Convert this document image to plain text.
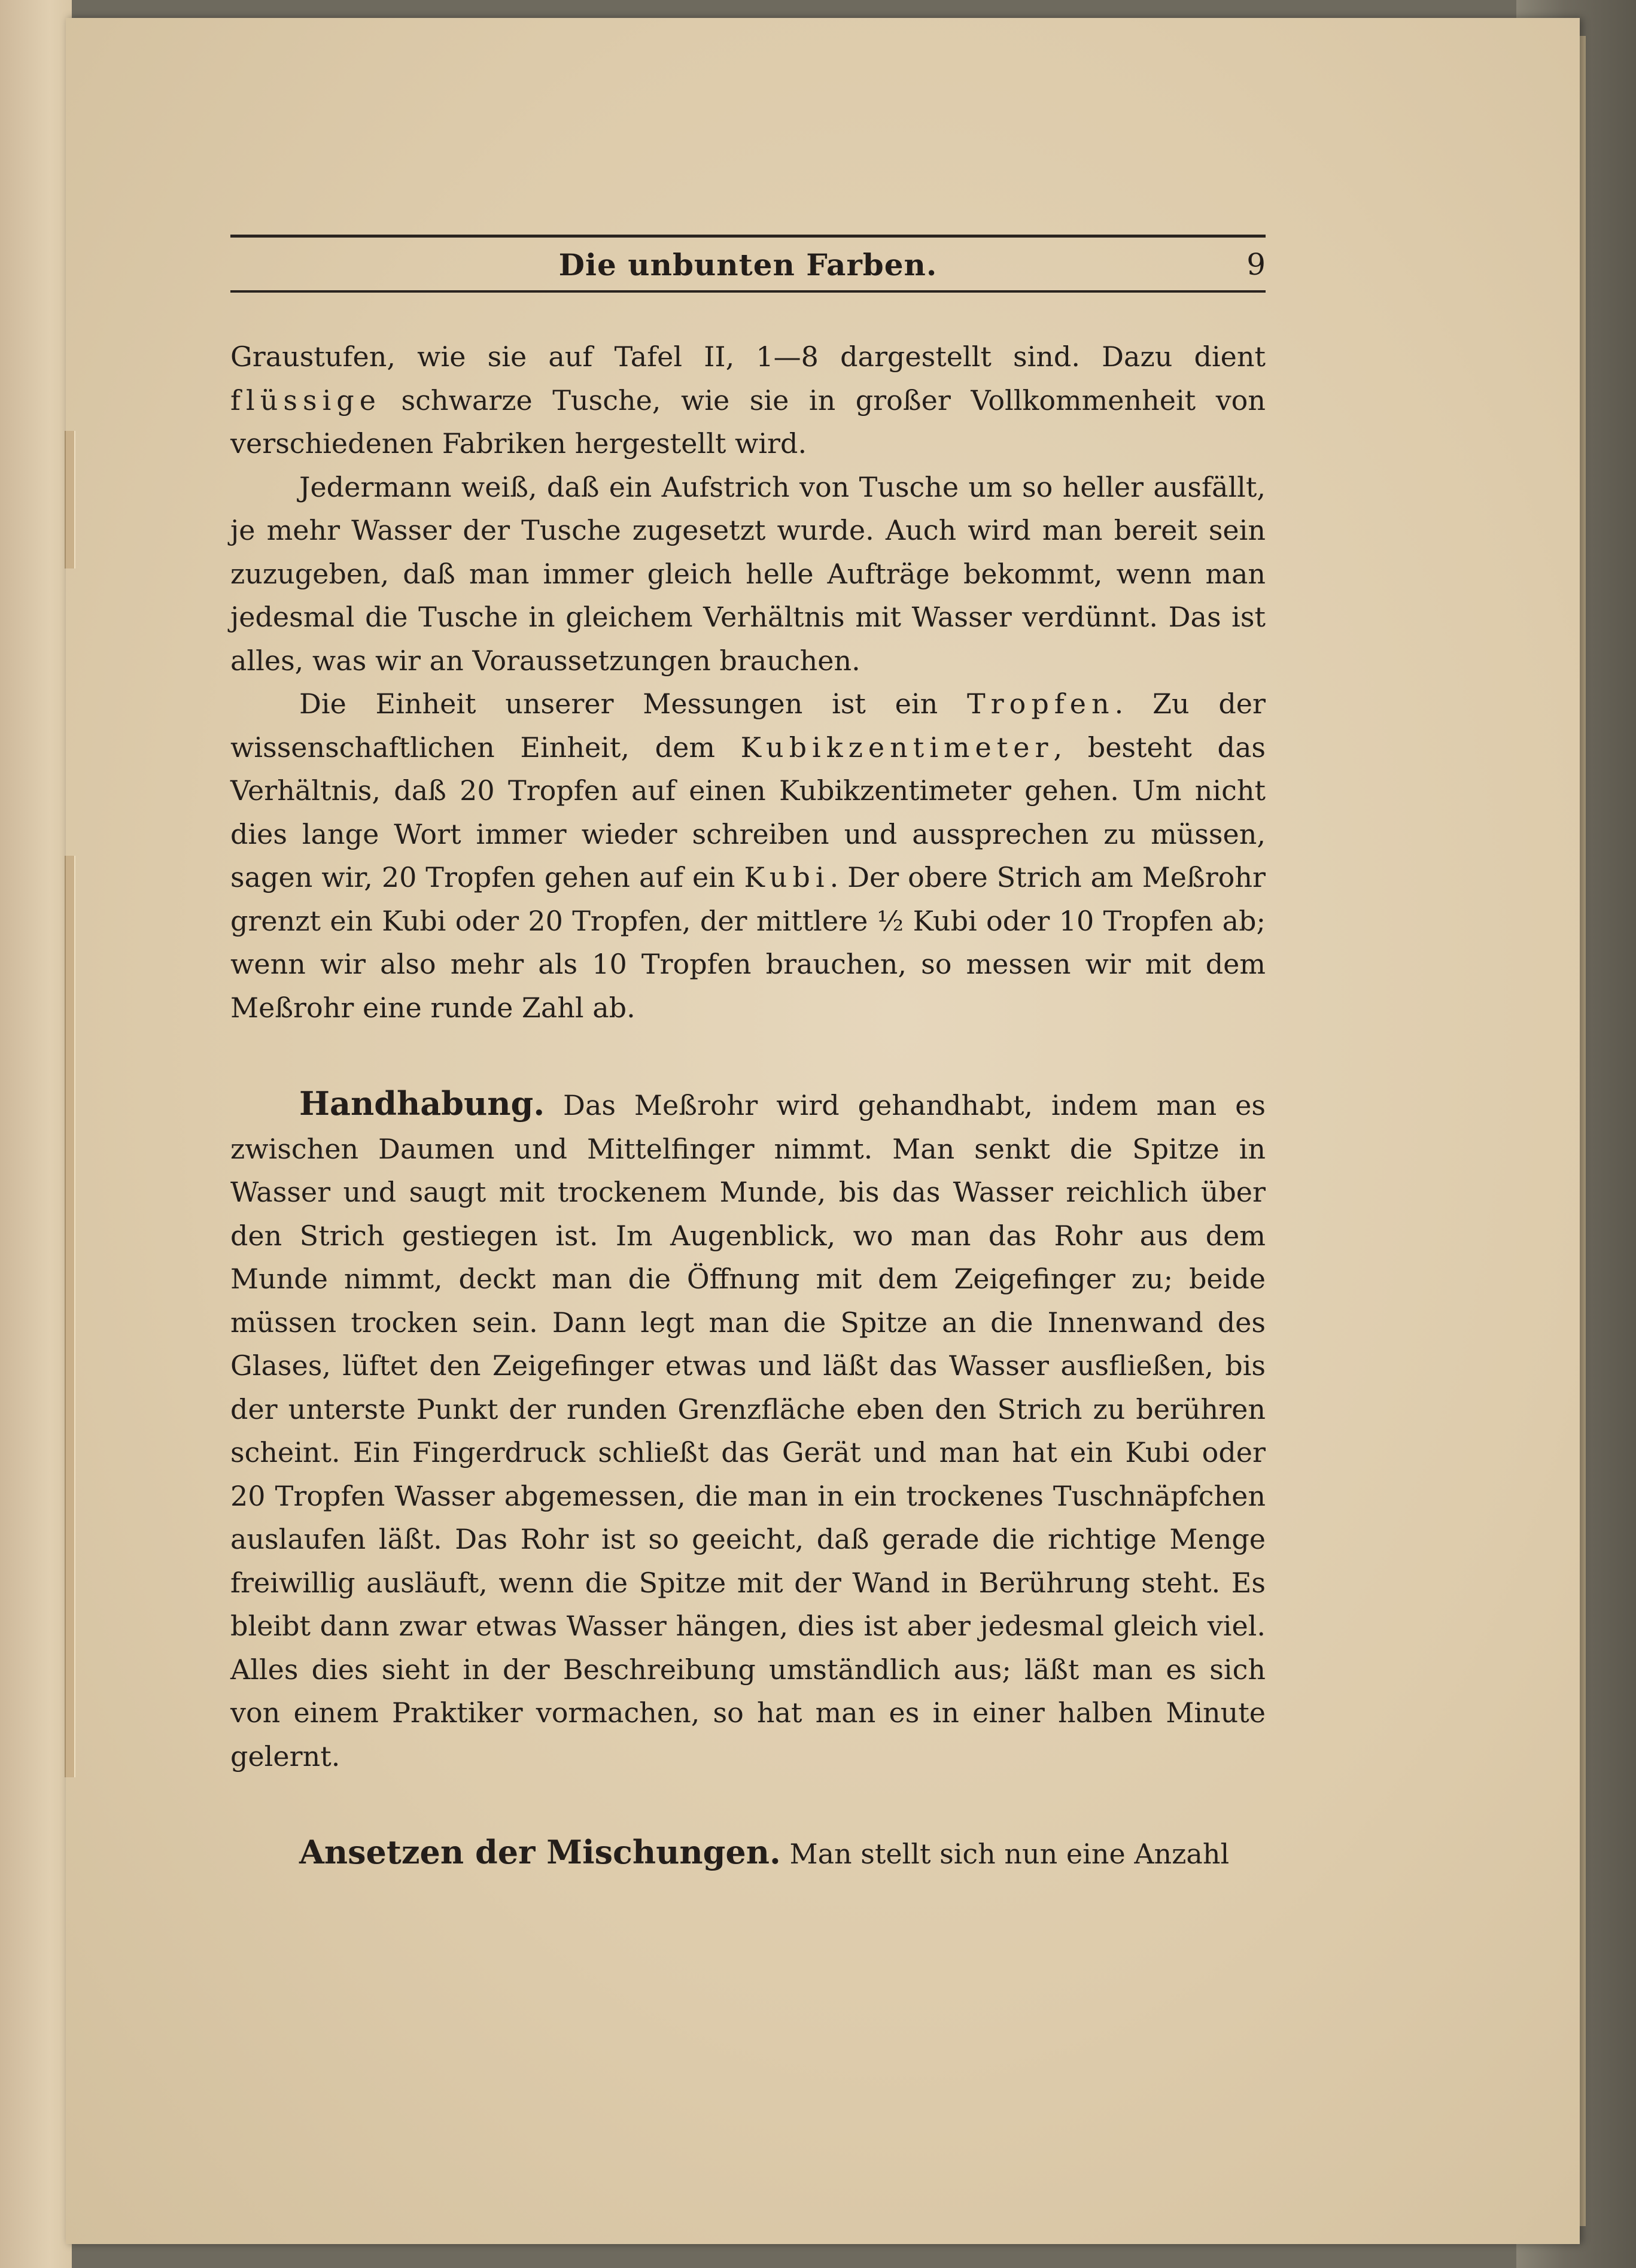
Die unbunten Farben.	9

Graustufen, wie sie auf Tafel II, 1—8 dargestellt sind. Dazu dient flüssige schwarze Tusche, wie sie in großer Vollkommenheit von verschiedenen Fabriken hergestellt wird.

Jedermann weiß, daß ein Aufstrich von Tusche um so heller ausfällt, je mehr Wasser der Tusche zugesetzt wurde. Auch wird man bereit sein zuzugeben, daß man immer gleich helle Aufträge bekommt, wenn man jedesmal die Tusche in gleichem Verhältnis mit Wasser verdünnt. Das ist alles, was wir an Voraussetzungen brauchen.

Die Einheit unserer Messungen ist ein Tropfen. Zu der wissenschaftlichen Einheit, dem Kubikzentimeter, besteht das Verhältnis, daß 20 Tropfen auf einen Kubikzentimeter gehen. Um nicht dies lange Wort immer wieder schreiben und aussprechen zu müssen, sagen wir, 20 Tropfen gehen auf ein Kubi. Der obere Strich am Meßrohr grenzt ein Kubi oder 20 Tropfen, der mittlere ½ Kubi oder 10 Tropfen ab; wenn wir also mehr als 10 Tropfen brauchen, so messen wir mit dem Meßrohr eine runde Zahl ab.

Handhabung. Das Meßrohr wird gehandhabt, indem man es zwischen Daumen und Mittelfinger nimmt. Man senkt die Spitze in Wasser und saugt mit trockenem Munde, bis das Wasser reichlich über den Strich gestiegen ist. Im Augenblick, wo man das Rohr aus dem Munde nimmt, deckt man die Öffnung mit dem Zeigefinger zu; beide müssen trocken sein. Dann legt man die Spitze an die Innenwand des Glases, lüftet den Zeigefinger etwas und läßt das Wasser ausfließen, bis der unterste Punkt der runden Grenzfläche eben den Strich zu berühren scheint. Ein Fingerdruck schließt das Gerät und man hat ein Kubi oder 20 Tropfen Wasser abgemessen, die man in ein trockenes Tuschnäpfchen auslaufen läßt. Das Rohr ist so geeicht, daß gerade die richtige Menge freiwillig ausläuft, wenn die Spitze mit der Wand in Berührung steht. Es bleibt dann zwar etwas Wasser hängen, dies ist aber jedesmal gleich viel. Alles dies sieht in der Beschreibung umständlich aus; läßt man es sich von einem Praktiker vormachen, so hat man es in einer halben Minute gelernt.

Ansetzen der Mischungen. Man stellt sich nun eine Anzahl
